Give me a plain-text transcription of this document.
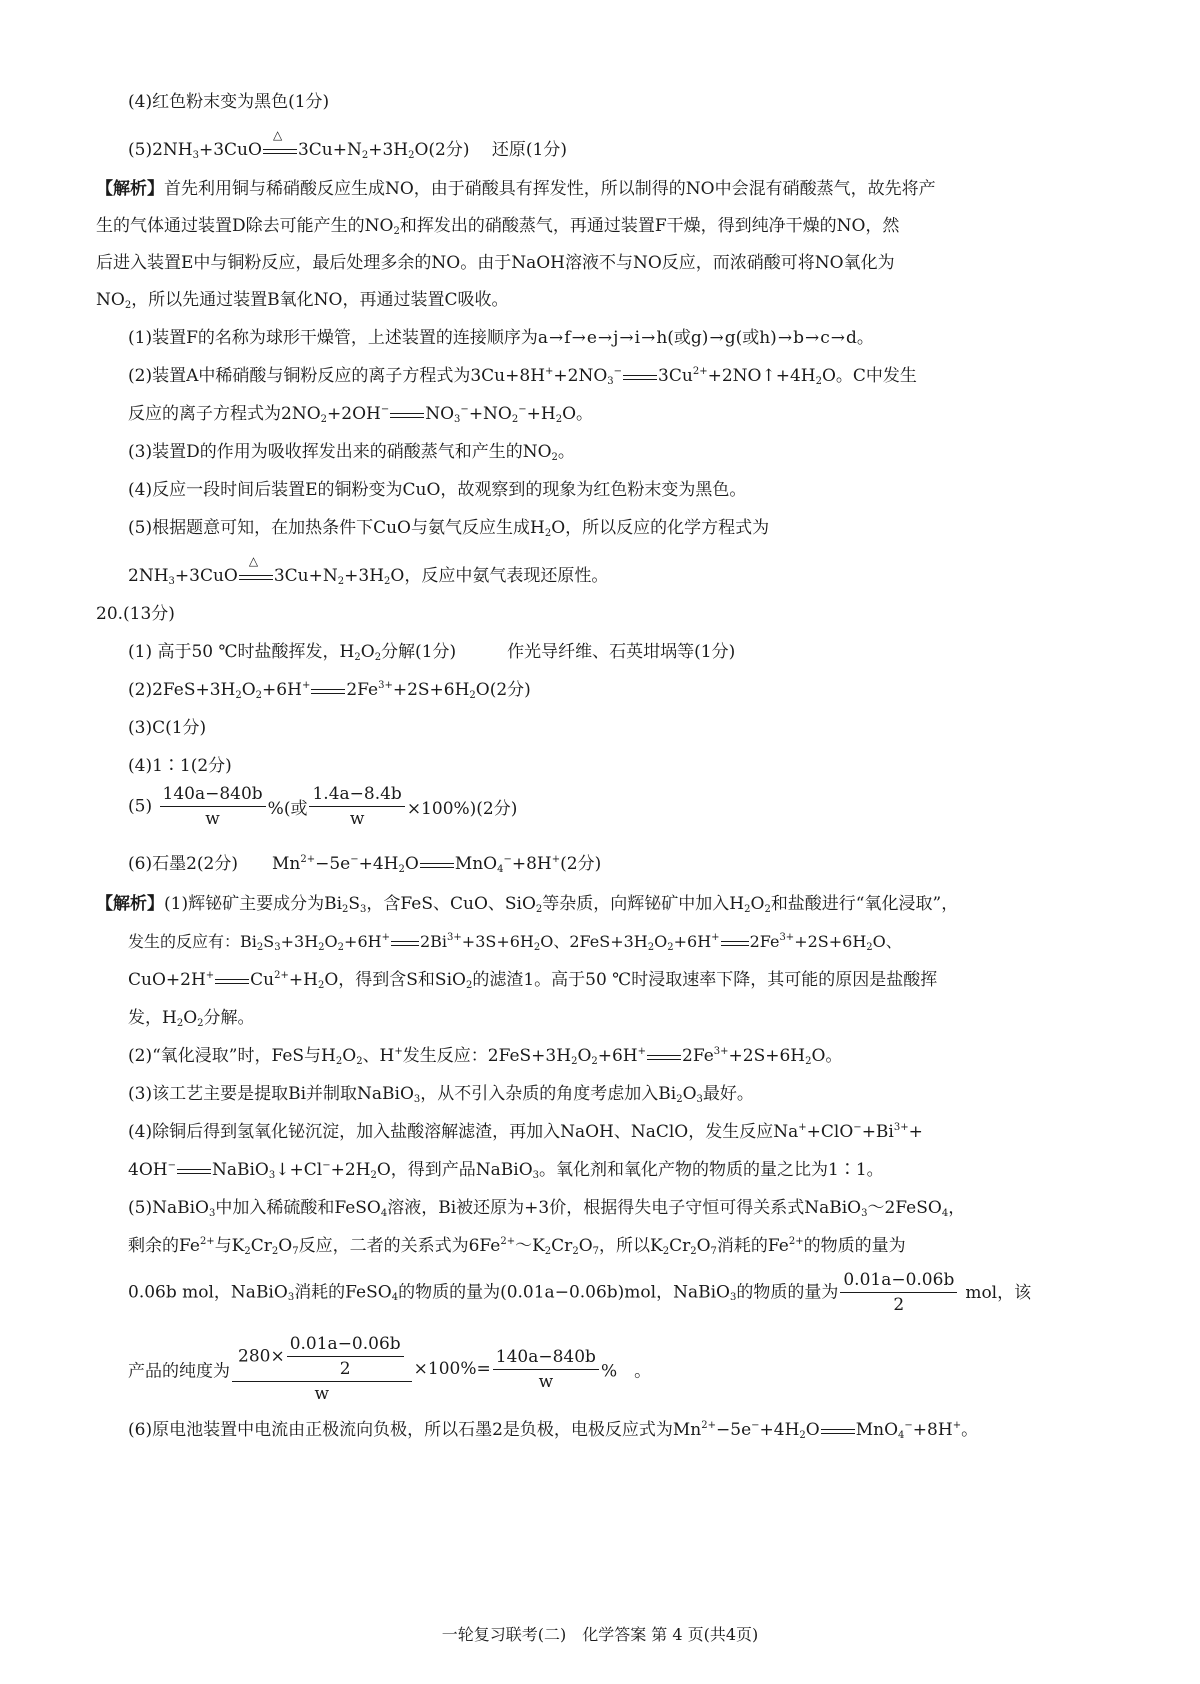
(4)红色粉末变为黑色(1分)
$(5)2NH_3+3CuO$
△
$3Cu+N_2+3H_2O(2$分)　 还原(1分)
【解析】首先利用铜与稀硝酸反应生成NO，由于硝酸具有挥发性，所以制得的NO中会混有硝酸蒸气，故先将产
生的气体通过装置D除去可能产生的$NO_2$和挥发出的硝酸蒸气，再通过装置F干燥，得到纯净干燥的NO，然
后进入装置E中与铜粉反应，最后处理多余的NO。由于NaOH溶液不与NO反应，而浓硝酸可将NO氧化为
$NO_2$，所以先通过装置B氧化NO，再通过装置C吸收。
(1)装置F的名称为球形干燥管，上述装置的连接顺序为a→f→e→j→i→h(或g)→g(或h)→b→c→d。
(2)装置A中稀硝酸与铜粉反应的离子方程式为$3Cu+8H^++2NO_3^-$ $3Cu^{2+}+2NO↑+4H_2O$。C中发生
反应的离子方程式为$2NO_2+2OH^-$ $NO_3^-+NO_2^-+H_2O$。
(3)装置D的作用为吸收挥发出来的硝酸蒸气和产生的$NO_2$。
(4)反应一段时间后装置E的铜粉变为CuO，故观察到的现象为红色粉末变为黑色。
(5)根据题意可知，在加热条件下CuO与氨气反应生成$H_2O$，所以反应的化学方程式为
$2NH_3+3CuO$
△
$3Cu+N_2+3H_2O$，反应中氨气表现还原性。
20.(13分)
(1) 高于50 ℃时盐酸挥发，$H_2O_2$分解(1分)　　　作光导纤维、石英坩埚等(1分)
$(2)2FeS+3H_2O_2+6H^+$ $2Fe^{3+}+2S+6H_2O(2$分)
(3)C(1分)
(4)1∶1(2分)
$(5) \frac{140a-840b}{w}$ %(或 $\frac{1.4a-8.4b}{w} \times 100\%)(2$分)
(6)石墨2(2分)　　$Mn^{2+}-5e^-+4H_2O$ MnO$_4$−+8H+(2分)
【解析】(1)辉铋矿主要成分为$Bi_2S_3$，含FeS、CuO、SiO$_2$等杂质，向辉铋矿中加入$H_2O_2$和盐酸进行“氧化浸取”，
发生的反应有：$Bi_2S_3+3H_2O_2+6H^+$ $2Bi^{3+}+3S+6H_2O$、$2FeS+3H_2O_2+6H^+$ $2Fe^{3+}+2S+6H_2O$、
CuO+2H+ $Cu^{2+}+H_2O$，得到含S和SiO$_2$的滤渣1。高于50 ℃时浸取速率下降，其可能的原因是盐酸挥
发，$H_2O_2$分解。
(2)“氧化浸取”时，FeS与$H_2O_2$、H+发生反应：$2FeS+3H_2O_2+6H^+$ $2Fe^{3+}+2S+6H_2O$。
(3)该工艺主要是提取Bi并制取NaBiO$_3$，从不引入杂质的角度考虑加入$Bi_2O_3$最好。
(4)除铜后得到氢氧化铋沉淀，加入盐酸溶解滤渣，再加入NaOH、NaClO，发生反应$Na^++ClO^-+Bi^{3+}+$
4OH− $NaBiO_3↓+Cl^-+2H_2O$，得到产品NaBiO$_3$。氧化剂和氧化产物的物质的量之比为1∶1。
(5)NaBiO$_3$中加入稀硫酸和FeSO$_4$溶液，Bi被还原为+3价，根据得失电子守恒可得关系式NaBiO$_3$～2FeSO$_4$，
剩余的$Fe^{2+}$与$K_2Cr_2O_7$反应，二者的关系式为$6Fe^{2+}\sim K_2Cr_2O_7$，所以$K_2Cr_2O_7$消耗的$Fe^{2+}$的物质的量为
0.06b mol，NaBiO$_3$消耗的FeSO$_4$的物质的量为(0.01a−0.06b)mol，NaBiO$_3$的物质的量为 $\frac{0.01a-0.06b}{2}$ mol，该
产品的纯度为 $\frac{280\times \frac{0.01a-0.06b}{2}}{w} \times 100\%= \frac{140a-840b}{w}$ %　。
(6)原电池装置中电流由正极流向负极，所以石墨2是负极，电极反应式为$Mn^{2+}-5e^-+4H_2O$ MnO$_4$−+8H+。
一轮复习联考(二)　化学答案 第 4 页(共4页)
